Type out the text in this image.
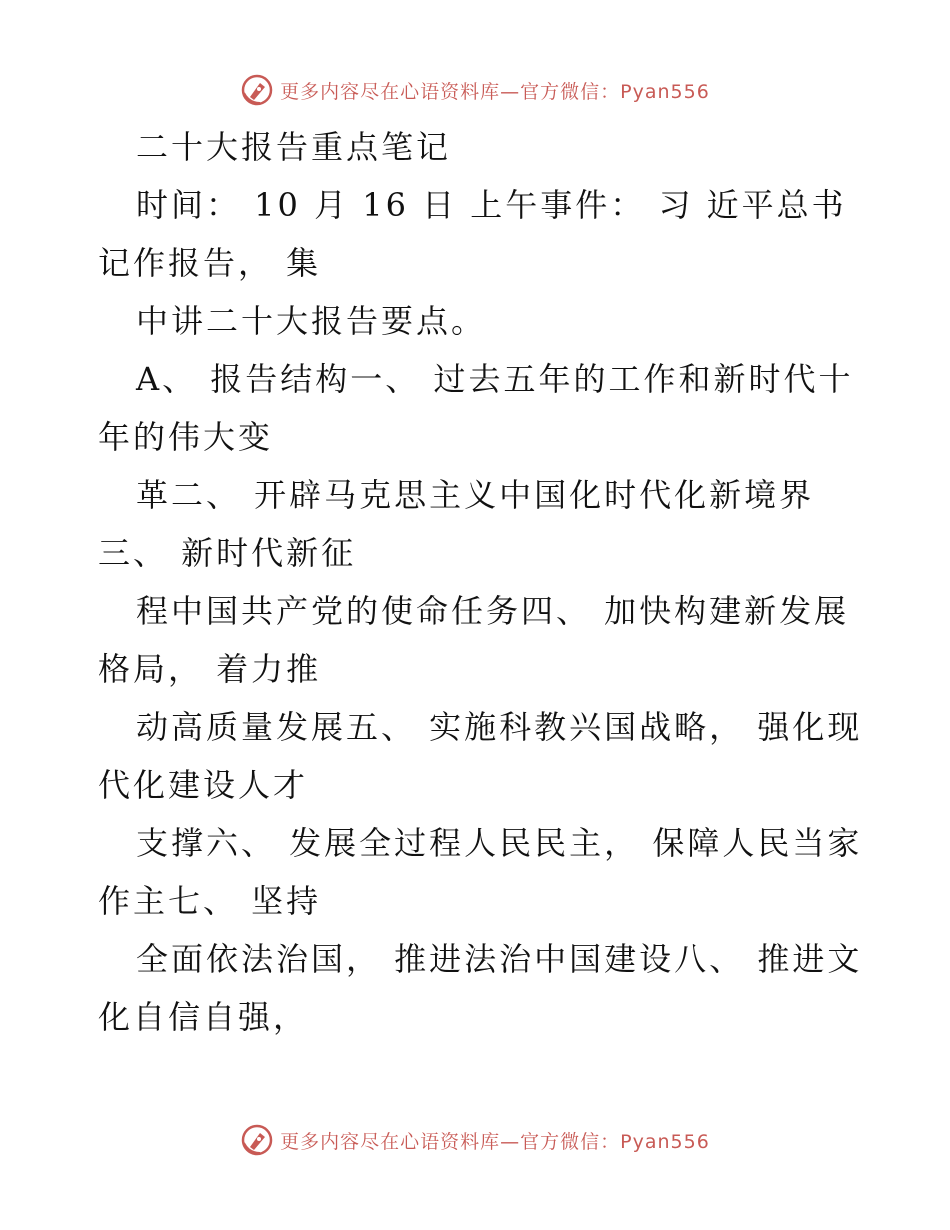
更多内容尽在心语资料库—官方微信：Pyan556

二十大报告重点笔记

时间： 10 月 16 日 上午事件： 习 近平总书记作报告， 集

中讲二十大报告要点。

A、 报告结构一、 过去五年的工作和新时代十年的伟大变

革二、 开辟马克思主义中国化时代化新境界三、 新时代新征

程中国共产党的使命任务四、 加快构建新发展格局， 着力推

动高质量发展五、 实施科教兴国战略， 强化现代化建设人才

支撑六、 发展全过程人民民主， 保障人民当家作主七、 坚持

全面依法治国， 推进法治中国建设八、 推进文化自信自强，

更多内容尽在心语资料库—官方微信：Pyan556
